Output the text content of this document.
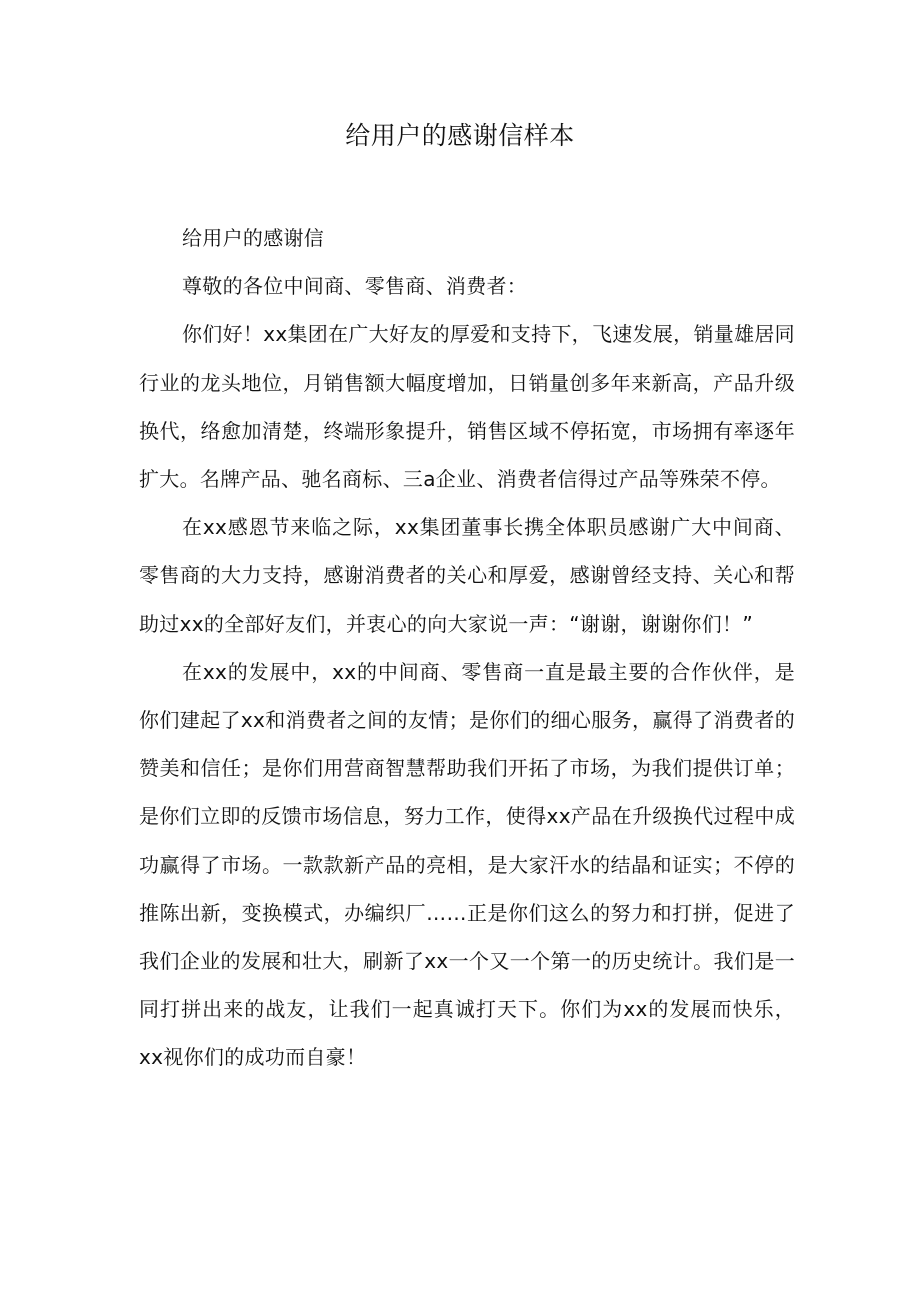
给用户的感谢信样本

给用户的感谢信

尊敬的各位中间商、零售商、消费者：

你们好！xx集团在广大好友的厚爱和支持下，飞速发展，销量雄居同行业的龙头地位，月销售额大幅度增加，日销量创多年来新高，产品升级换代，络愈加清楚，终端形象提升，销售区域不停拓宽，市场拥有率逐年扩大。名牌产品、驰名商标、三a企业、消费者信得过产品等殊荣不停。

在xx感恩节来临之际，xx集团董事长携全体职员感谢广大中间商、零售商的大力支持，感谢消费者的关心和厚爱，感谢曾经支持、关心和帮助过xx的全部好友们，并衷心的向大家说一声：“谢谢，谢谢你们！”

在xx的发展中，xx的中间商、零售商一直是最主要的合作伙伴，是你们建起了xx和消费者之间的友情；是你们的细心服务，赢得了消费者的赞美和信任；是你们用营商智慧帮助我们开拓了市场，为我们提供订单；是你们立即的反馈市场信息，努力工作，使得xx产品在升级换代过程中成功赢得了市场。一款款新产品的亮相，是大家汗水的结晶和证实；不停的推陈出新，变换模式，办编织厂……正是你们这么的努力和打拼，促进了我们企业的发展和壮大，刷新了xx一个又一个第一的历史统计。我们是一同打拼出来的战友，让我们一起真诚打天下。你们为xx的发展而快乐，xx视你们的成功而自豪！
